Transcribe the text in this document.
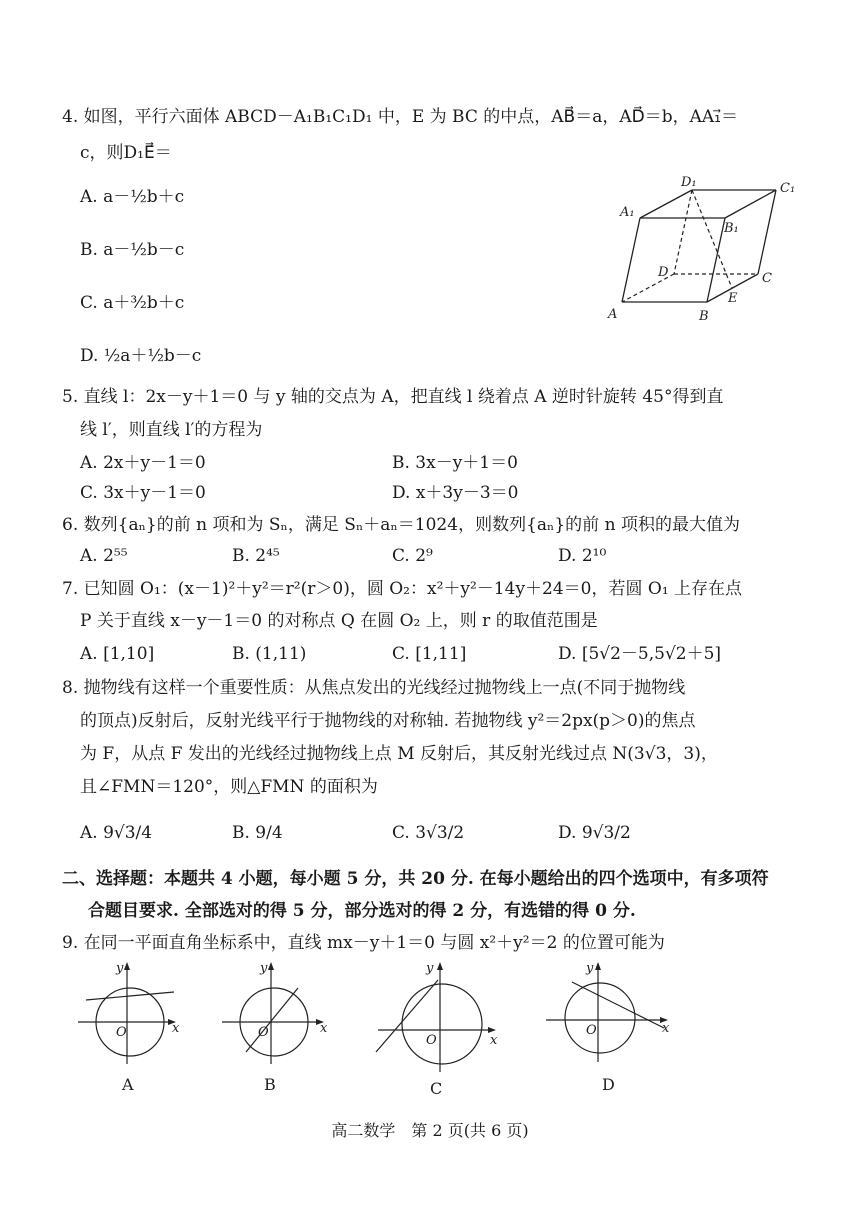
4. 如图，平行六面体 ABCD－A₁B₁C₁D₁ 中，E 为 BC 的中点，AB⃗＝a，AD⃗＝b，AA₁⃗＝
c，则D₁E⃗＝
A. a－½b＋c
B. a－½b－c
C. a＋³⁄₂b＋c
D. ½a＋½b－c
D₁	C₁
A₁
B₁
D	C
E
A	B
5. 直线 l：2x－y＋1＝0 与 y 轴的交点为 A，把直线 l 绕着点 A 逆时针旋转 45°得到直
线 l′，则直线 l′的方程为
A. 2x＋y－1＝0	B. 3x－y＋1＝0
C. 3x＋y－1＝0	D. x＋3y－3＝0
6. 数列{aₙ}的前 n 项和为 Sₙ，满足 Sₙ＋aₙ＝1024，则数列{aₙ}的前 n 项积的最大值为
A. 2⁵⁵	B. 2⁴⁵	C. 2⁹	D. 2¹⁰
7. 已知圆 O₁：(x－1)²＋y²＝r²(r＞0)，圆 O₂：x²＋y²－14y＋24＝0，若圆 O₁ 上存在点
P 关于直线 x－y－1＝0 的对称点 Q 在圆 O₂ 上，则 r 的取值范围是
A. [1,10]	B. (1,11)	C. [1,11]	D. [5√2－5,5√2＋5]
8. 抛物线有这样一个重要性质：从焦点发出的光线经过抛物线上一点(不同于抛物线
的顶点)反射后，反射光线平行于抛物线的对称轴. 若抛物线 y²＝2px(p＞0)的焦点
为 F，从点 F 发出的光线经过抛物线上点 M 反射后，其反射光线过点 N(3√3，3)，
且∠FMN＝120°，则△FMN 的面积为
A. 9√3/4	B. 9/4	C. 3√3/2	D. 9√3/2
二、选择题：本题共 4 小题，每小题 5 分，共 20 分. 在每小题给出的四个选项中，有多项符
合题目要求. 全部选对的得 5 分，部分选对的得 2 分，有选错的得 0 分.
9. 在同一平面直角坐标系中，直线 mx－y＋1＝0 与圆 x²＋y²＝2 的位置可能为
y
x
O
A
y
x
O
B
y
x
O
C
y
x
O
D
高二数学　第 2 页(共 6 页)
